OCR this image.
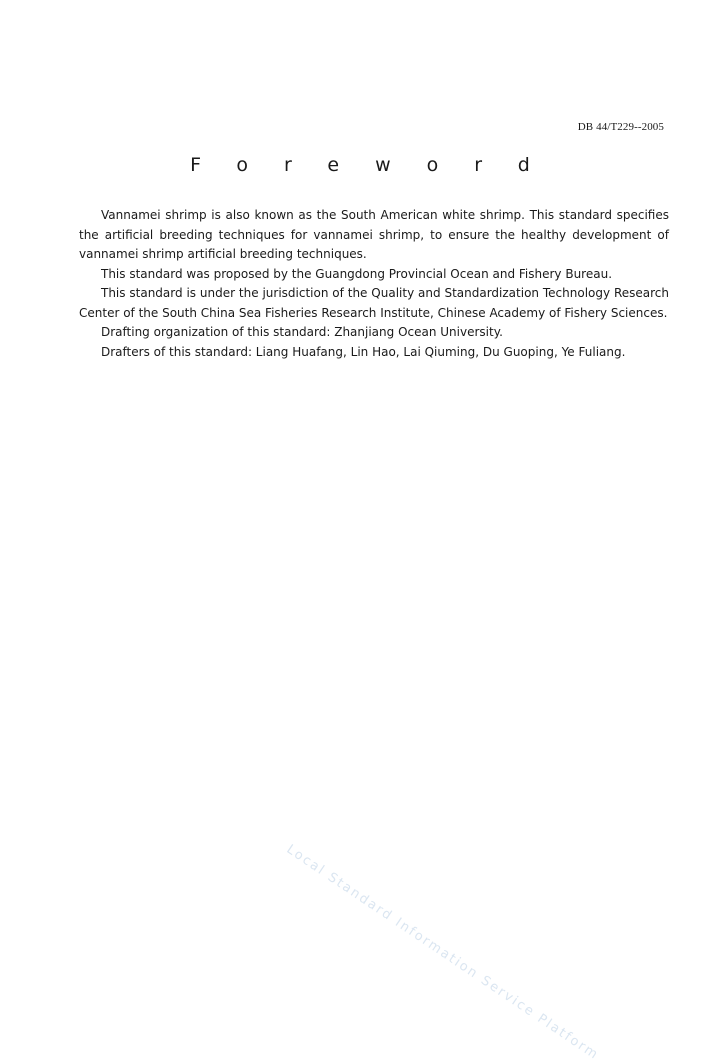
DB 44/T229--2005
Foreword

Vannamei shrimp is also known as the South American white shrimp. This standard specifies the artificial breeding techniques for vannamei shrimp, to ensure the healthy development of vannamei shrimp artificial breeding techniques.

This standard was proposed by the Guangdong Provincial Ocean and Fishery Bureau.

This standard is under the jurisdiction of the Quality and Standardization Technology Research Center of the South China Sea Fisheries Research Institute, Chinese Academy of Fishery Sciences.

Drafting organization of this standard: Zhanjiang Ocean University.

Drafters of this standard: Liang Huafang, Lin Hao, Lai Qiuming, Du Guoping, Ye Fuliang.

Local Standard Information Service Platform
